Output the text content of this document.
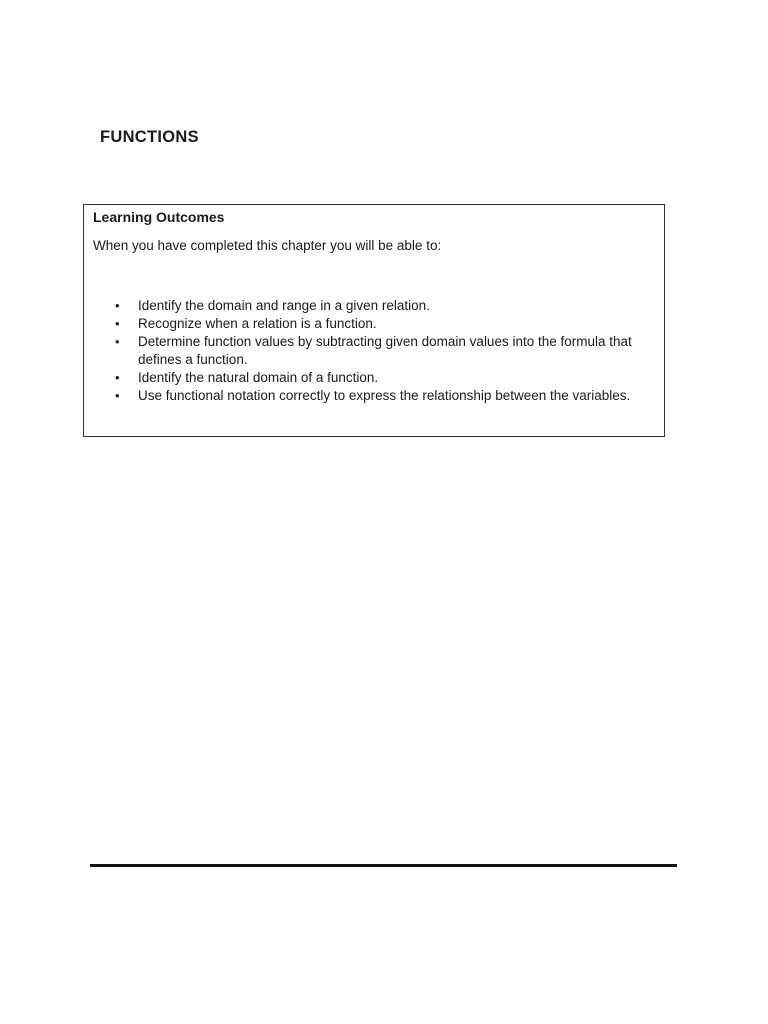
FUNCTIONS
Learning Outcomes

When you have completed this chapter you will be able to:

• Identify the domain and range in a given relation.
• Recognize when a relation is a function.
• Determine function values by subtracting given domain values into the formula that defines a function.
• Identify the natural domain of a function.
• Use functional notation correctly to express the relationship between the variables.
